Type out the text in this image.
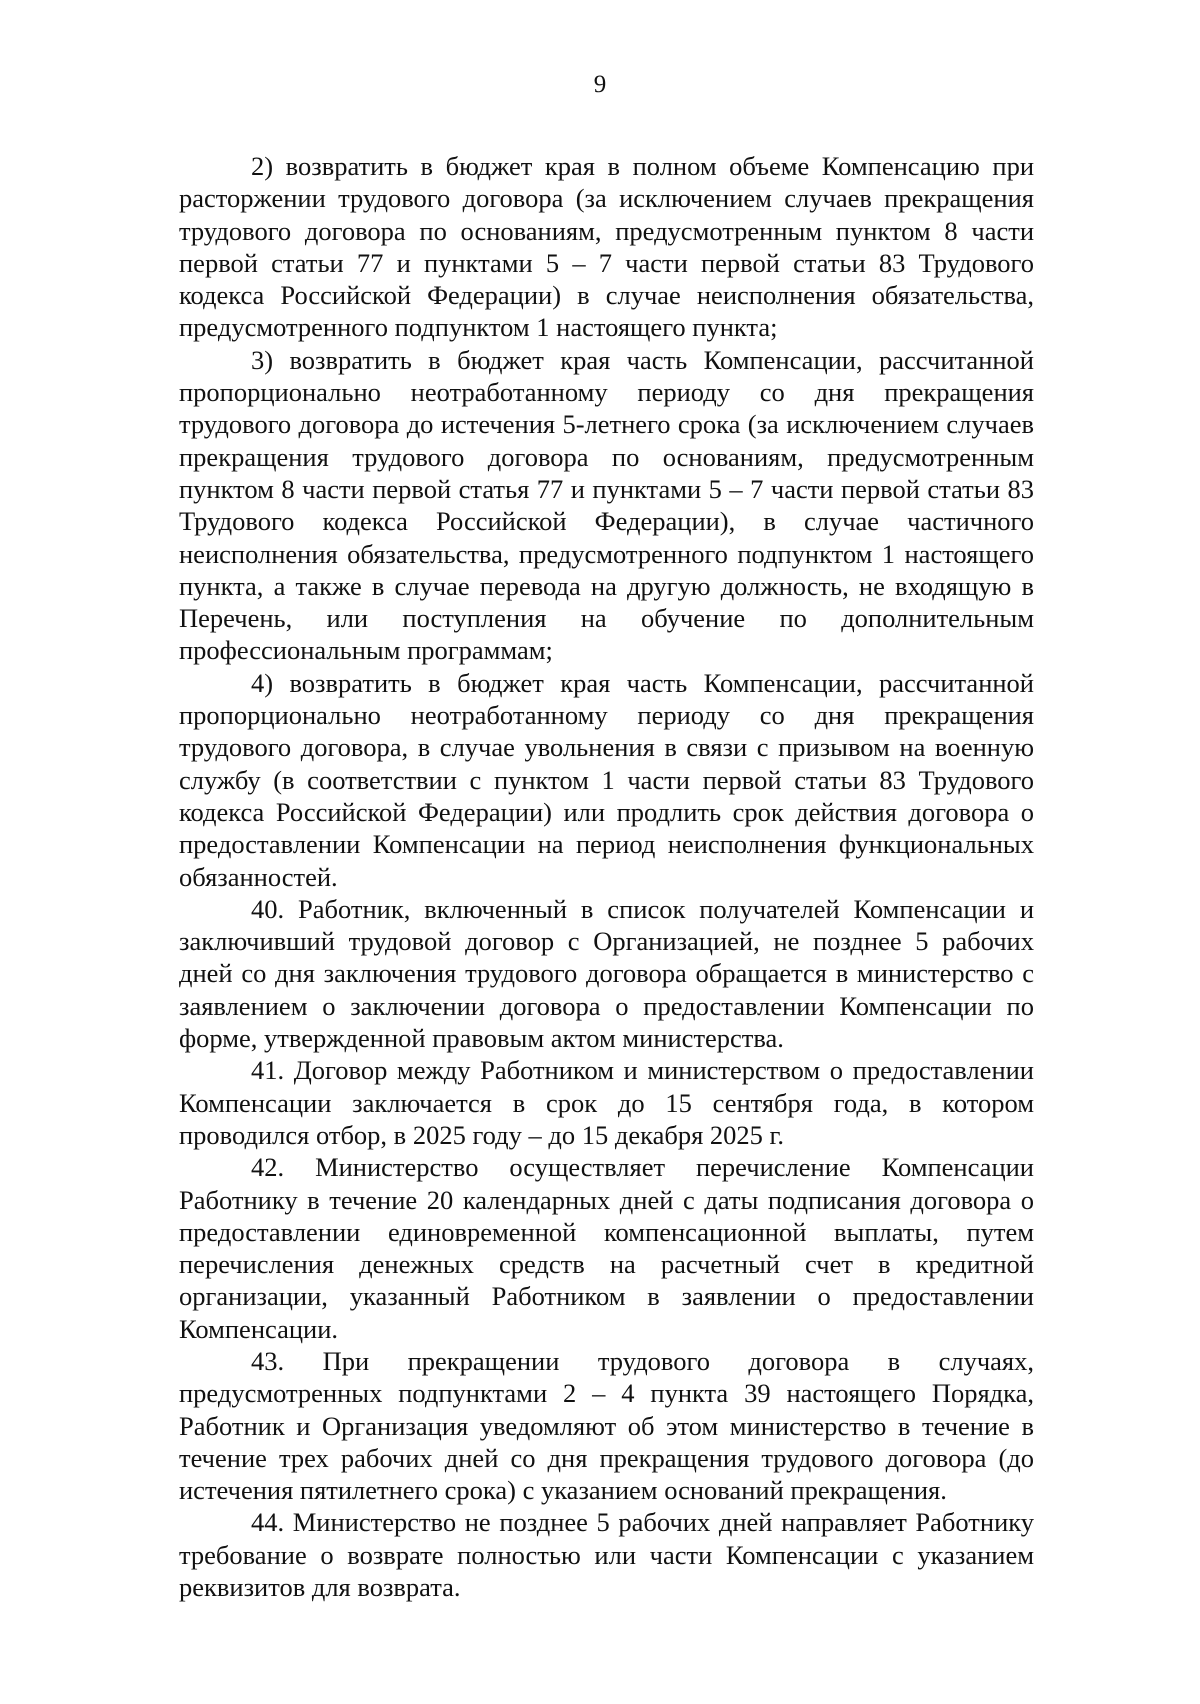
9

2) возвратить в бюджет края в полном объеме Компенсацию при расторжении трудового договора (за исключением случаев прекращения трудового договора по основаниям, предусмотренным пунктом 8 части первой статьи 77 и пунктами 5 – 7 части первой статьи 83 Трудового кодекса Российской Федерации) в случае неисполнения обязательства, предусмотренного подпунктом 1 настоящего пункта;

3) возвратить в бюджет края часть Компенсации, рассчитанной пропорционально неотработанному периоду со дня прекращения трудового договора до истечения 5-летнего срока (за исключением случаев прекращения трудового договора по основаниям, предусмотренным пунктом 8 части первой статья 77 и пунктами 5 – 7 части первой статьи 83 Трудового кодекса Российской Федерации), в случае частичного неисполнения обязательства, предусмотренного подпунктом 1 настоящего пункта, а также в случае перевода на другую должность, не входящую в Перечень, или поступления на обучение по дополнительным профессиональным программам;

4) возвратить в бюджет края часть Компенсации, рассчитанной пропорционально неотработанному периоду со дня прекращения трудового договора, в случае увольнения в связи с призывом на военную службу (в соответствии с пунктом 1 части первой статьи 83 Трудового кодекса Российской Федерации) или продлить срок действия договора о предоставлении Компенсации на период неисполнения функциональных обязанностей.

40. Работник, включенный в список получателей Компенсации и заключивший трудовой договор с Организацией, не позднее 5 рабочих дней со дня заключения трудового договора обращается в министерство с заявлением о заключении договора о предоставлении Компенсации по форме, утвержденной правовым актом министерства.

41. Договор между Работником и министерством о предоставлении Компенсации заключается в срок до 15 сентября года, в котором проводился отбор, в 2025 году – до 15 декабря 2025 г.

42. Министерство осуществляет перечисление Компенсации Работнику в течение 20 календарных дней с даты подписания договора о предоставлении единовременной компенсационной выплаты, путем перечисления денежных средств на расчетный счет в кредитной организации, указанный Работником в заявлении о предоставлении Компенсации.

43. При прекращении трудового договора в случаях, предусмотренных подпунктами 2 – 4 пункта 39 настоящего Порядка, Работник и Организация уведомляют об этом министерство в течение в течение трех рабочих дней со дня прекращения трудового договора (до истечения пятилетнего срока) с указанием оснований прекращения.

44. Министерство не позднее 5 рабочих дней направляет Работнику требование о возврате полностью или части Компенсации с указанием реквизитов для возврата.
